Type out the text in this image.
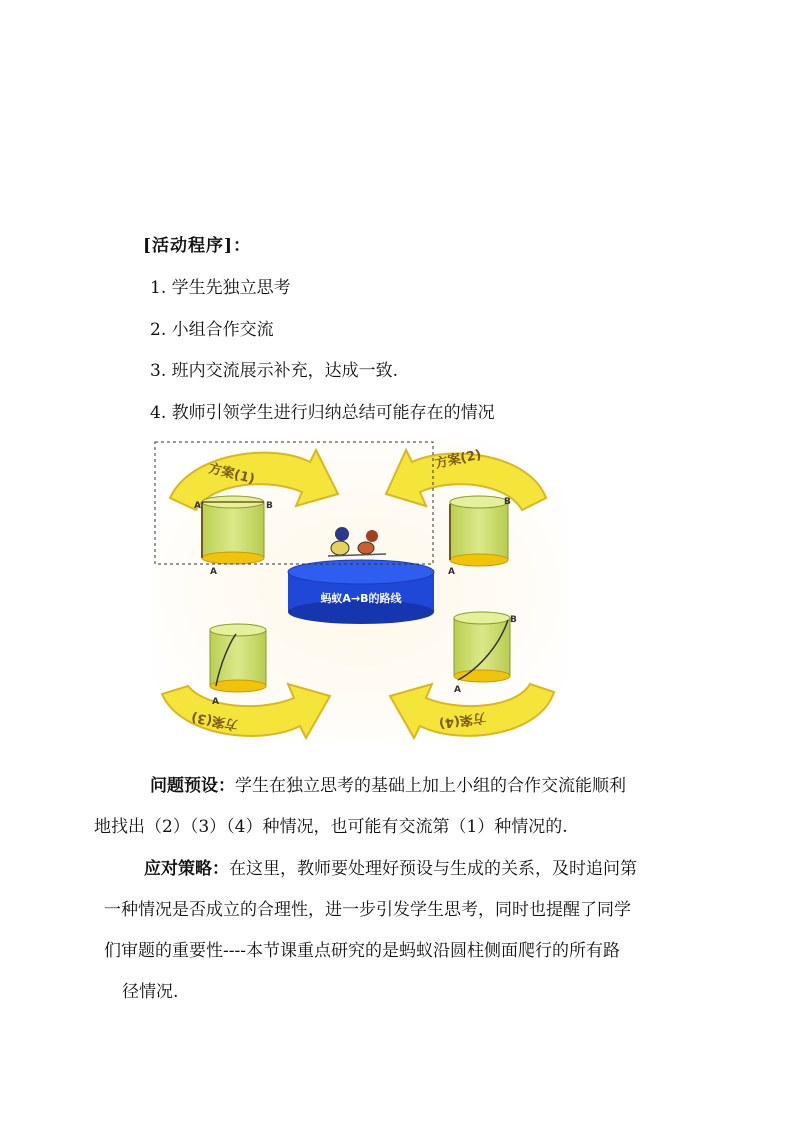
[活动程序]：
1. 学生先独立思考
2. 小组合作交流
3. 班内交流展示补充，达成一致.
4. 教师引领学生进行归纳总结可能存在的情况
方案(1)
方案(2)
方案(3)	方案(4)
A'	B
A
B
A
A
B
A
蚂蚁A→B的路线
问题预设：学生在独立思考的基础上加上小组的合作交流能顺利
地找出（2）（3）（4）种情况，也可能有交流第（1）种情况的.
应对策略：在这里，教师要处理好预设与生成的关系，及时追问第
一种情况是否成立的合理性，进一步引发学生思考，同时也提醒了同学
们审题的重要性----本节课重点研究的是蚂蚁沿圆柱侧面爬行的所有路
径情况.
